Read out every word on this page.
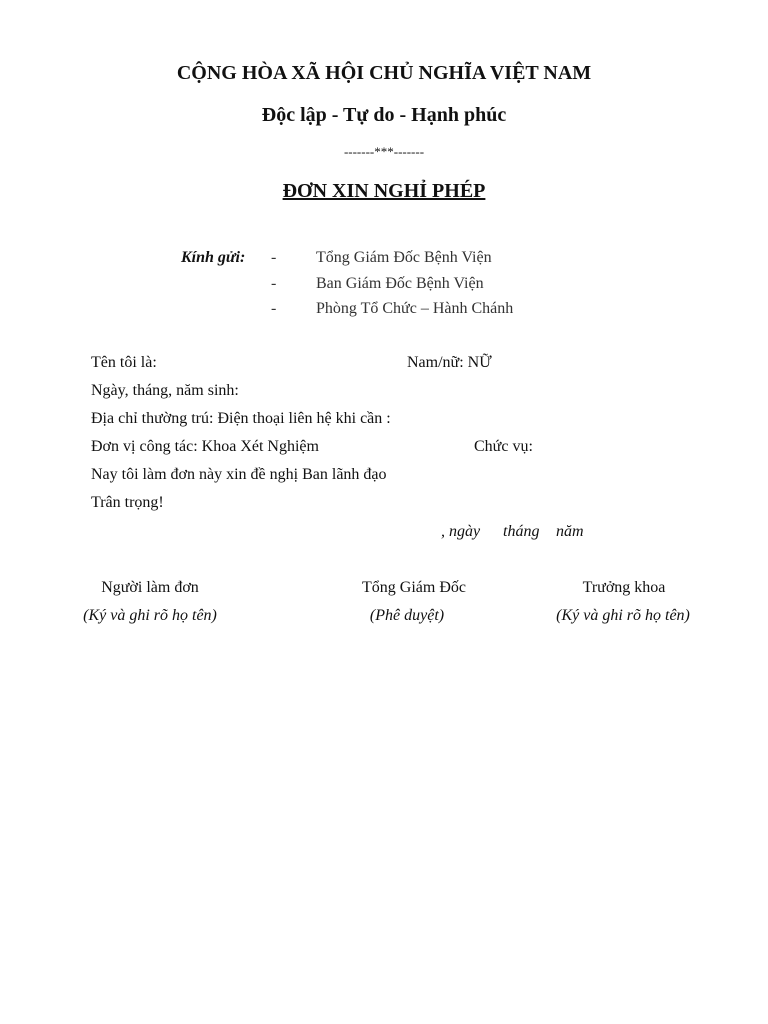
CỘNG HÒA XÃ HỘI CHỦ NGHĨA VIỆT NAM
Độc lập - Tự do - Hạnh phúc
-------***-------
ĐƠN XIN NGHỈ PHÉP
Kính gửi: - Tổng Giám Đốc Bệnh Viện
- Ban Giám Đốc Bệnh Viện
- Phòng Tổ Chức – Hành Chánh
Tên tôi là:	Nam/nữ: NỮ
Ngày, tháng, năm sinh:
Địa chỉ thường trú: Điện thoại liên hệ khi cần :
Đơn vị công tác: Khoa Xét Nghiệm	Chức vụ:
Nay tôi làm đơn này xin đề nghị Ban lãnh đạo
Trân trọng!
, ngày tháng năm
Người làm đơn
(Ký và ghi rõ họ tên)
Tổng Giám Đốc
(Phê duyệt)
Trưởng khoa
(Ký và ghi rõ họ tên)
